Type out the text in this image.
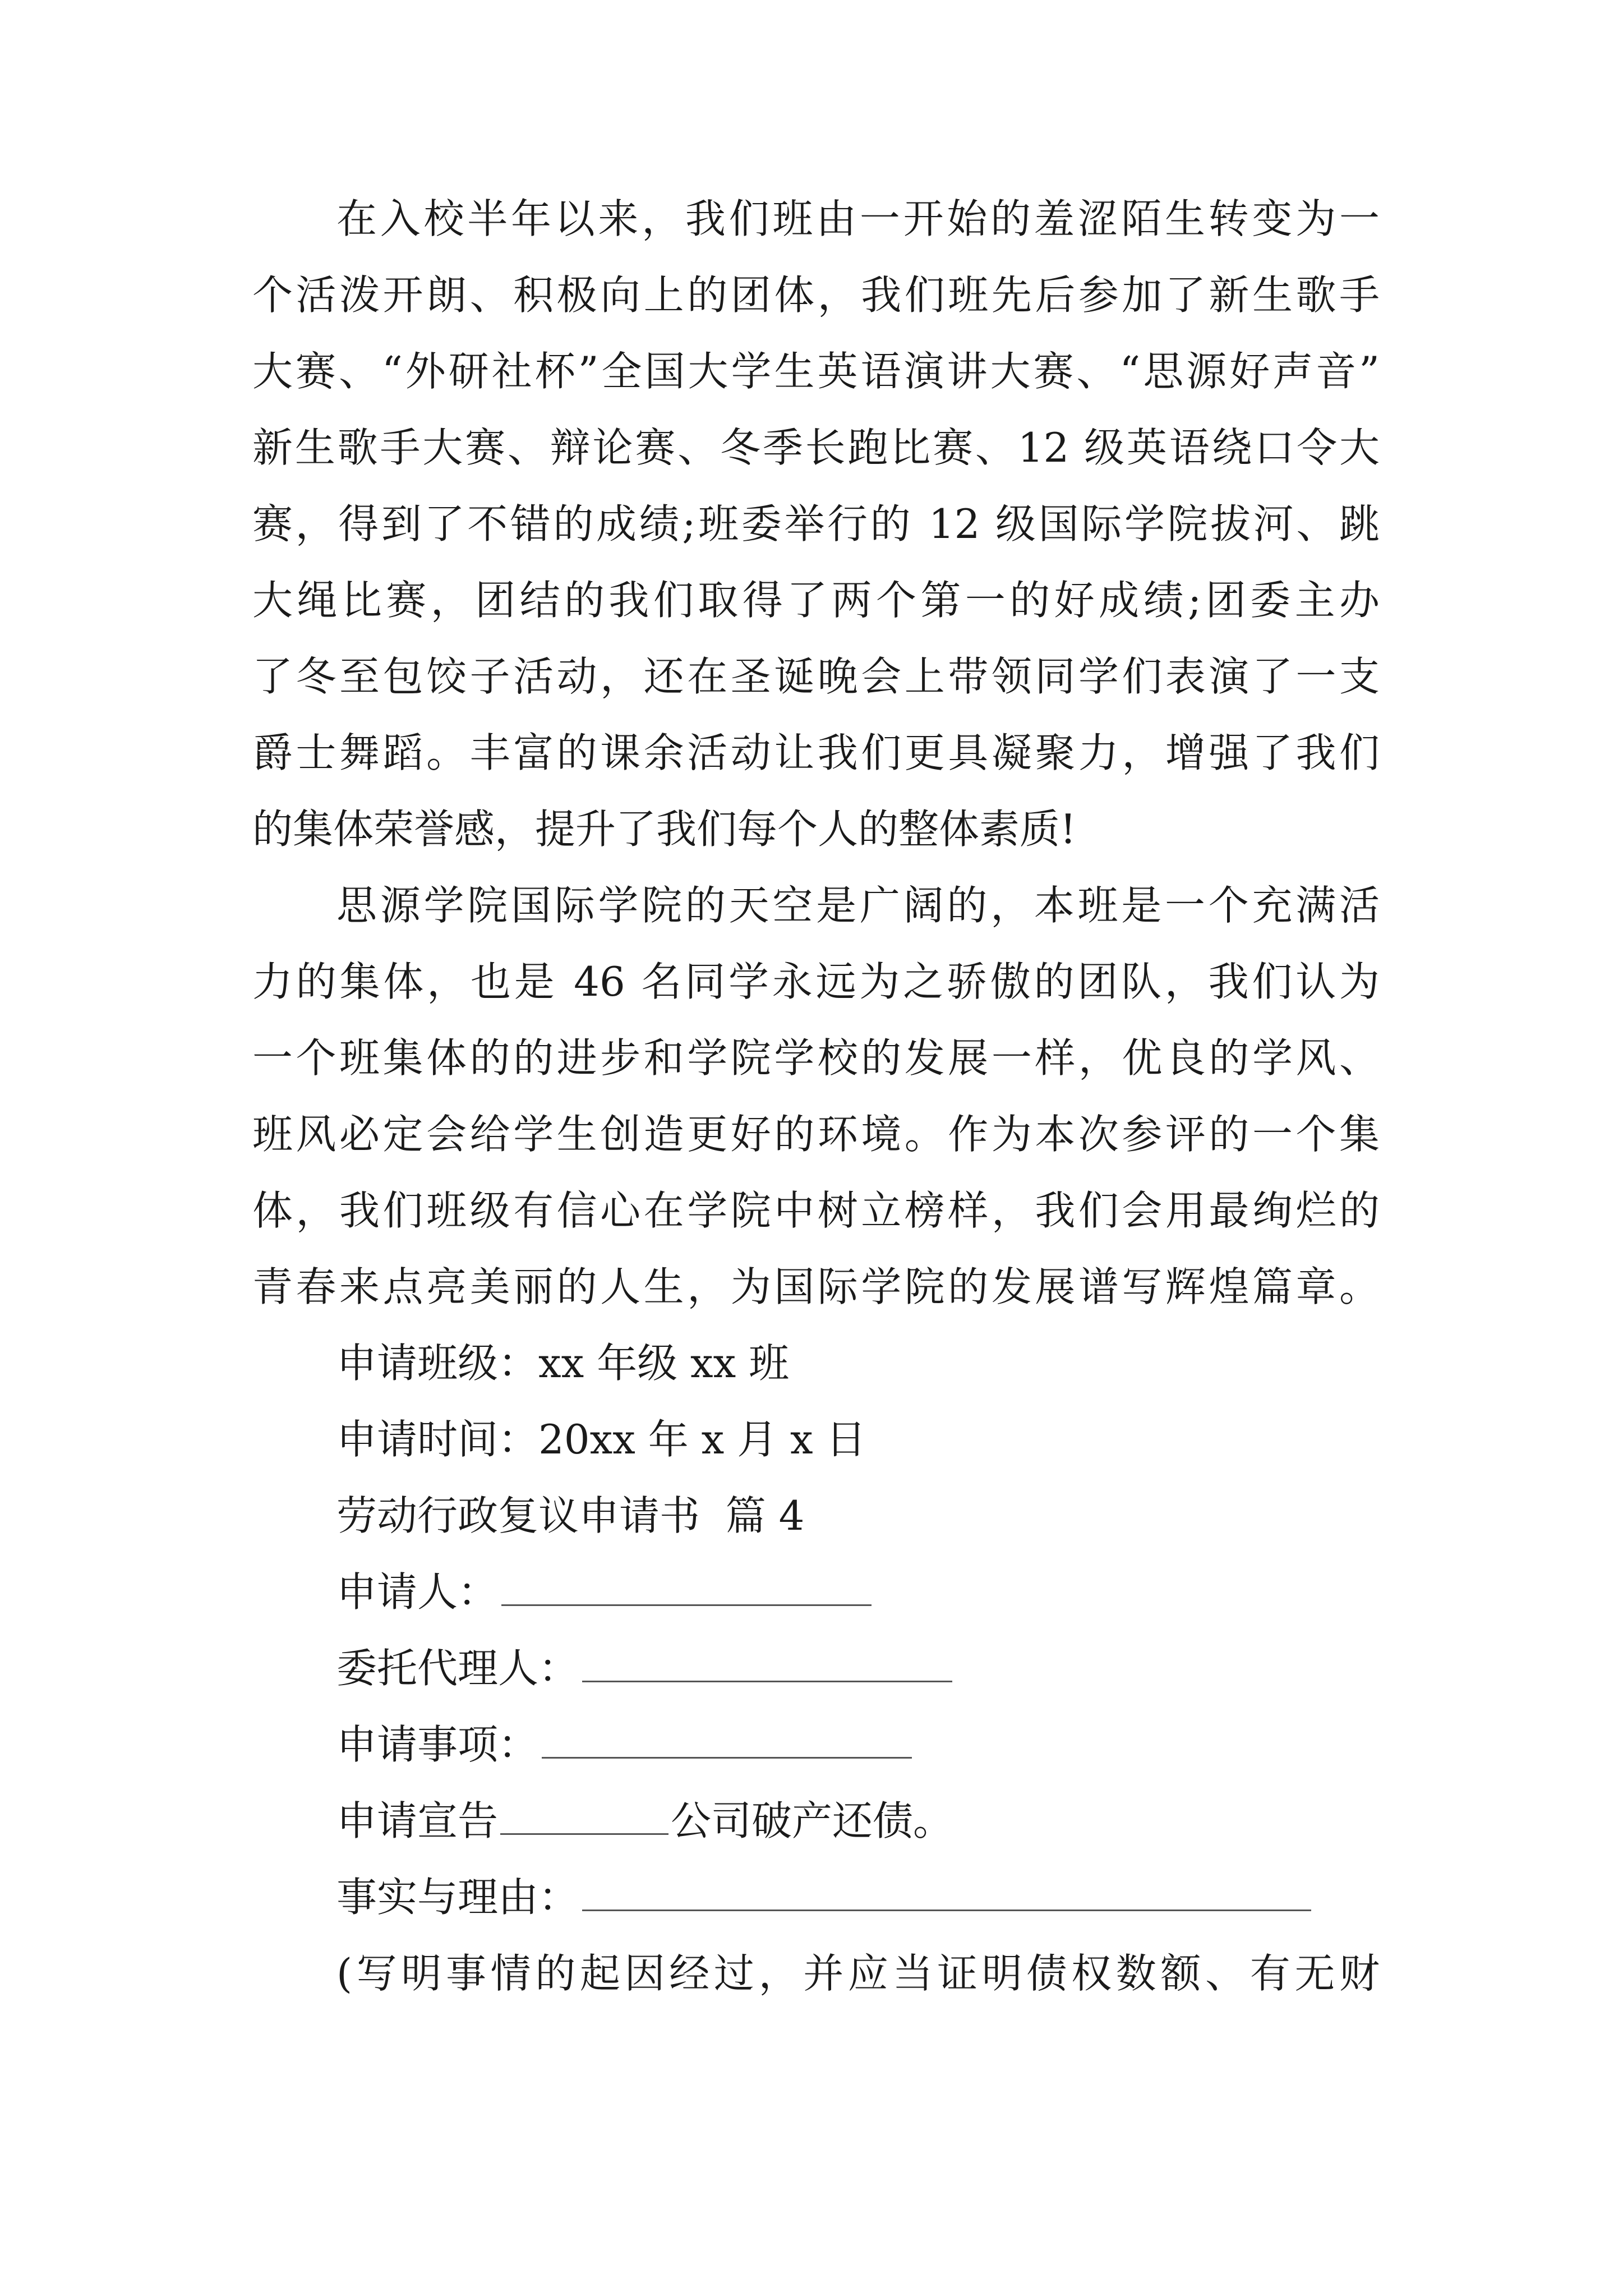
在入校半年以来，我们班由一开始的羞涩陌生转变为一
个活泼开朗、积极向上的团体，我们班先后参加了新生歌手
大赛、“外研社杯”全国大学生英语演讲大赛、“思源好声音”
新生歌手大赛、辩论赛、冬季长跑比赛、12 级英语绕口令大
赛，得到了不错的成绩;班委举行的 12 级国际学院拔河、跳
大绳比赛，团结的我们取得了两个第一的好成绩;团委主办
了冬至包饺子活动，还在圣诞晚会上带领同学们表演了一支
爵士舞蹈。丰富的课余活动让我们更具凝聚力，增强了我们
的集体荣誉感，提升了我们每个人的整体素质!
思源学院国际学院的天空是广阔的，本班是一个充满活
力的集体，也是 46 名同学永远为之骄傲的团队，我们认为
一个班集体的的进步和学院学校的发展一样，优良的学风、
班风必定会给学生创造更好的环境。作为本次参评的一个集
体，我们班级有信心在学院中树立榜样，我们会用最绚烂的
青春来点亮美丽的人生，为国际学院的发展谱写辉煌篇章。
申请班级：xx 年级 xx 班
申请时间：20xx 年 x 月 x 日
劳动行政复议申请书  篇 4
申请人：
委托代理人：
申请事项：
申请宣告	公司破产还债。
事实与理由：
(写明事情的起因经过，并应当证明债权数额、有无财
